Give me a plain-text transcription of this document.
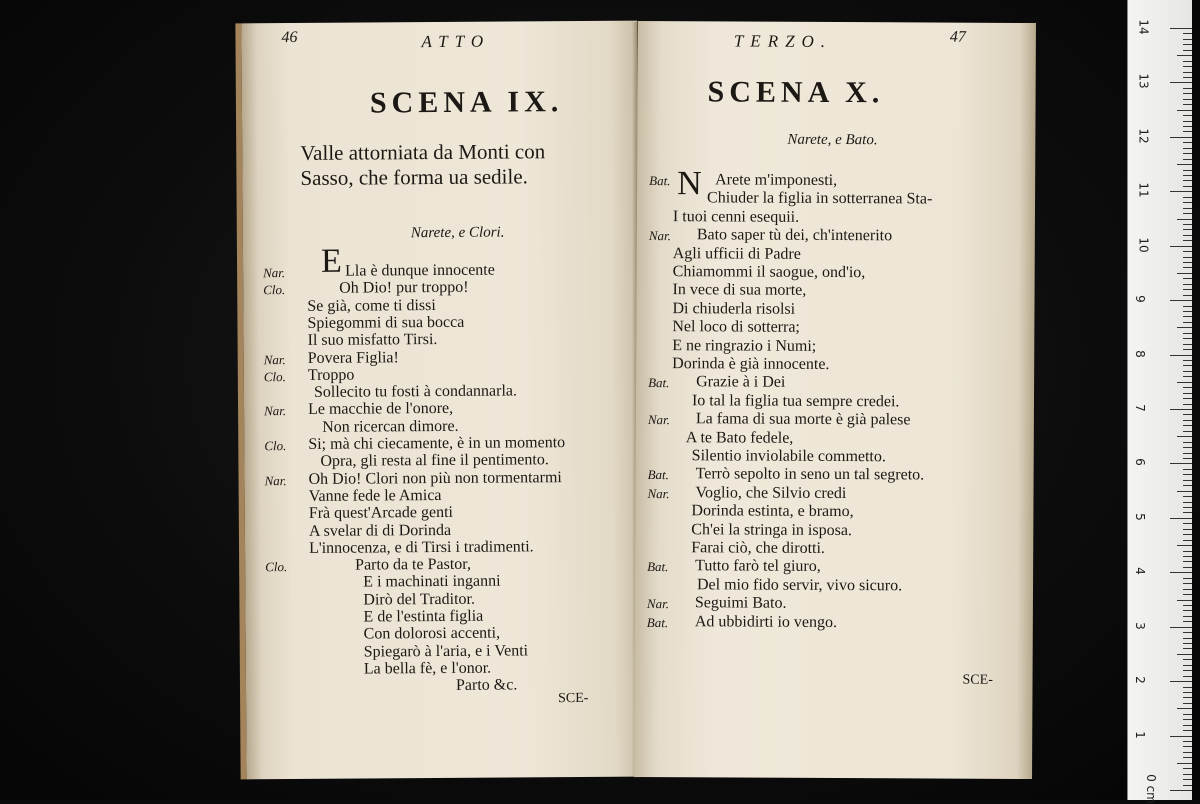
46	ATTO
SCENA IX.
Valle attorniata da Monti con
Sasso, che forma ua sedile.
Narete, e Clori.
E
Nar.	Lla è dunque innocente
Clo.	Oh Dio! pur troppo!
Se già, come ti dissi
Spiegommi di sua bocca
Il suo misfatto Tirsi.
Nar. Povera Figlia!
Clo. Troppo
Sollecito tu fosti à condannarla.
Nar. Le macchie de l'onore,
Non ricercan dimore.
Clo. Si; mà chi ciecamente, è in un momento
Opra, gli resta al fine il pentimento.
Nar. Oh Dio! Clori non più non tormentarmi
Vanne fede le Amica
Frà quest'Arcade genti
A svelar di di Dorinda
L'innocenza, e di Tirsi i tradimenti.
Clo.	Parto da te Pastor,
E i machinati inganni
Dirò del Traditor.
E de l'estinta figlia
Con dolorosi accenti,
Spiegarò à l'aria, e i Venti
La bella fè, e l'onor.
Parto &c.
SCE-
TERZO.	47
SCENA X.
Narete, e Bato.
N
Bat.	Arete m'imponesti,
Chiuder la figlia in sotterranea Sta-
I tuoi cenni esequii.
Nar. Bato saper tù dei, ch'intenerito
Agli ufficii di Padre
Chiamommi il saogue, ond'io,
In vece di sua morte,
Di chiuderla risolsi
Nel loco di sotterra;
E ne ringrazio i Numi;
Dorinda è già innocente.
Bat. Grazie à i Dei
Io tal la figlia tua sempre credei.
Nar. La fama di sua morte è già palese
A te Bato fedele,
Silentio inviolabile commetto.
Bat. Terrò sepolto in seno un tal segreto.
Nar. Voglio, che Silvio credi
Dorinda estinta, e bramo,
Ch'ei la stringa in isposa.
Farai ciò, che dirotti.
Bat. Tutto farò tel giuro,
Del mio fido servir, vivo sicuro.
Nar. Seguimi Bato.
Bat. Ad ubbidirti io vengo.
SCE-
14
13
12
11
10
9
8
7
6
5
4
3
2
1
0 cm
